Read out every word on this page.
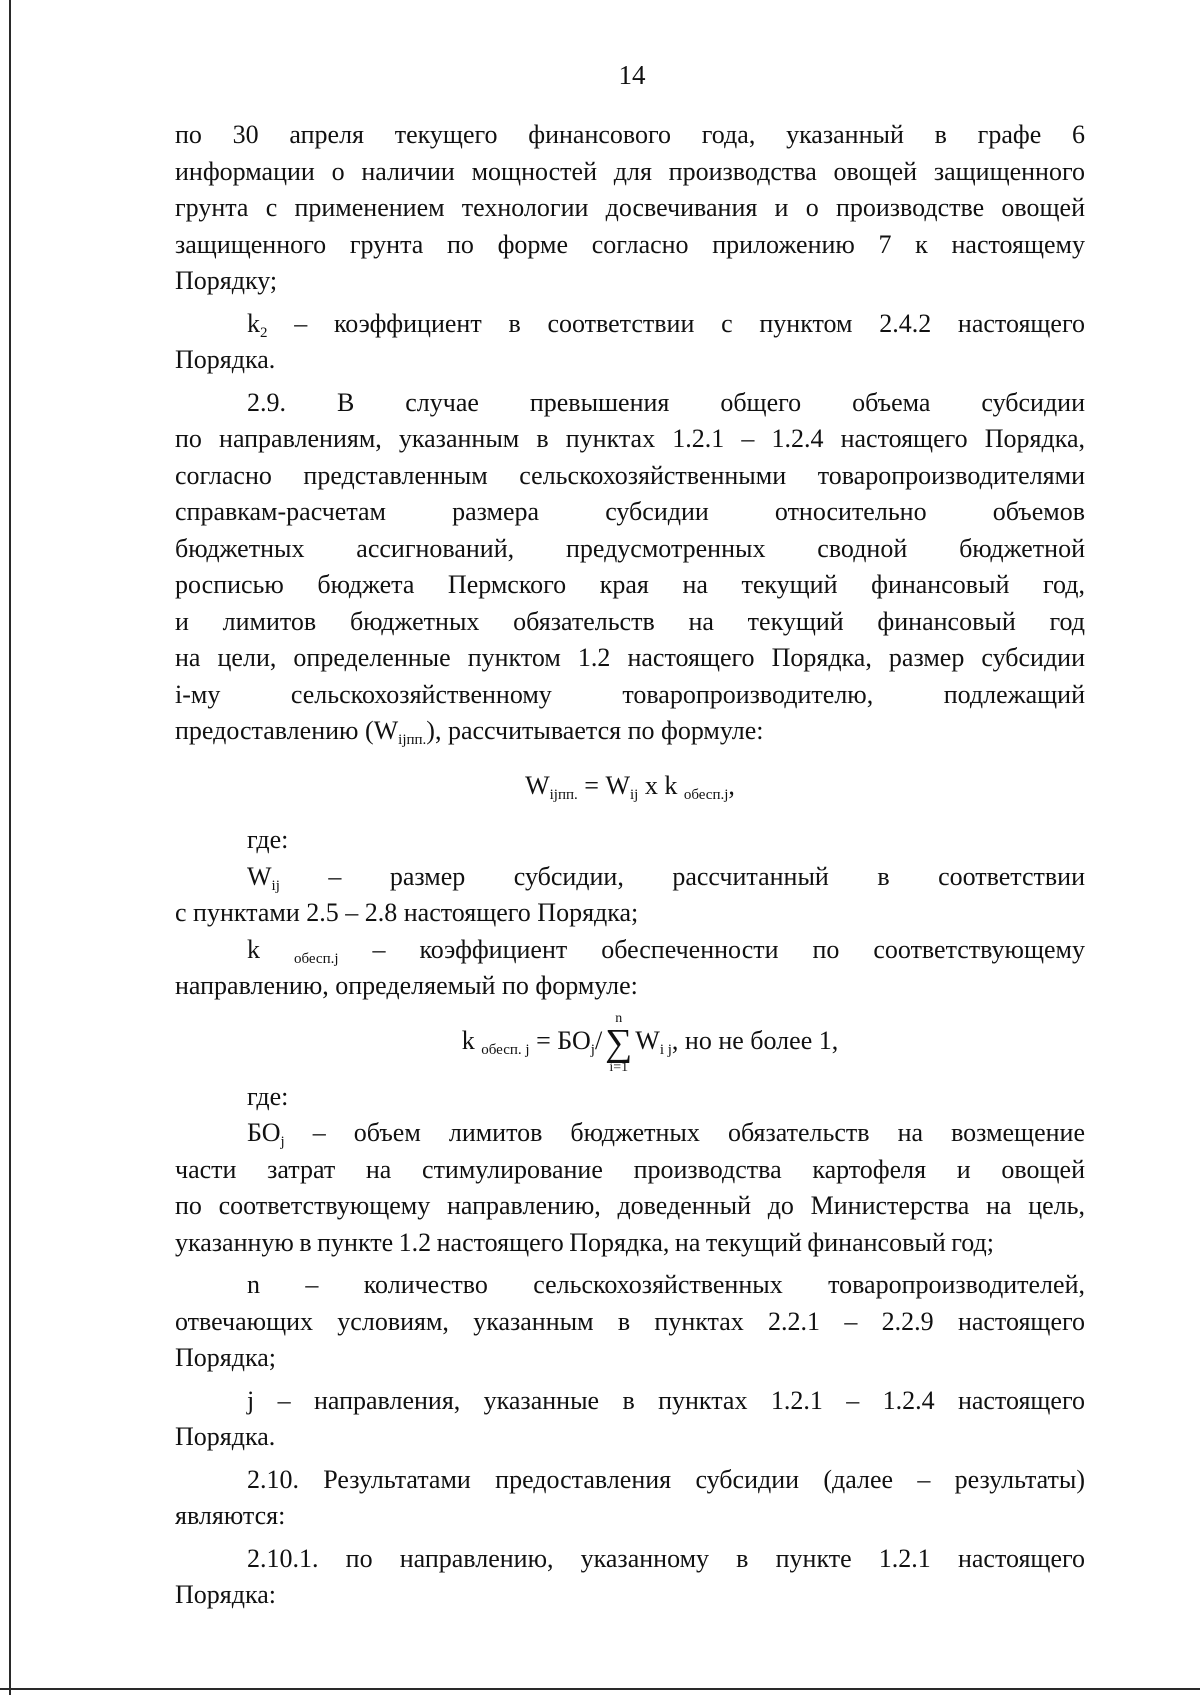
14

по 30 апреля текущего финансового года, указанный в графе 6

информации о наличии мощностей для производства овощей защищенного

грунта с применением технологии досвечивания и о производстве овощей

защищенного грунта по форме согласно приложению 7 к настоящему

Порядку;

$k_2$ – коэффициент в соответствии с пунктом 2.4.2 настоящего

Порядка.

2.9. В случае превышения общего объема субсидии

по направлениям, указанным в пунктах 1.2.1 – 1.2.4 настоящего Порядка,

согласно представленным сельскохозяйственными товаропроизводителями

справкам-расчетам размера субсидии относительно объемов

бюджетных ассигнований, предусмотренных сводной бюджетной

росписью бюджета Пермского края на текущий финансовый год,

и лимитов бюджетных обязательств на текущий финансовый год

на цели, определенные пунктом 1.2 настоящего Порядка, размер субсидии

i-му сельскохозяйственному товаропроизводителю, подлежащий

предоставлению $(W_{ijпп.})$, рассчитывается по формуле:

$W_{ijпп.} = W_{ij}$ x k $_{обесп.j}$,

где:

$W_{ij}$ – размер субсидии, рассчитанный в соответствии

с пунктами 2.5 – 2.8 настоящего Порядка;

k $_{обесп.j}$ – коэффициент обеспеченности по соответствующему

направлению, определяемый по формуле:

k $_{обесп. j} = БО_j/n$
∑
$i=1W_{i j}$, но не более 1,

где:

$БО_j$ – объем лимитов бюджетных обязательств на возмещение

части затрат на стимулирование производства картофеля и овощей

по соответствующему направлению, доведенный до Министерства на цель,

указанную в пункте 1.2 настоящего Порядка, на текущий финансовый год;

n – количество сельскохозяйственных товаропроизводителей,

отвечающих условиям, указанным в пунктах 2.2.1 – 2.2.9 настоящего

Порядка;

j – направления, указанные в пунктах 1.2.1 – 1.2.4 настоящего

Порядка.

2.10. Результатами предоставления субсидии (далее – результаты)

являются:

2.10.1. по направлению, указанному в пункте 1.2.1 настоящего

Порядка:
